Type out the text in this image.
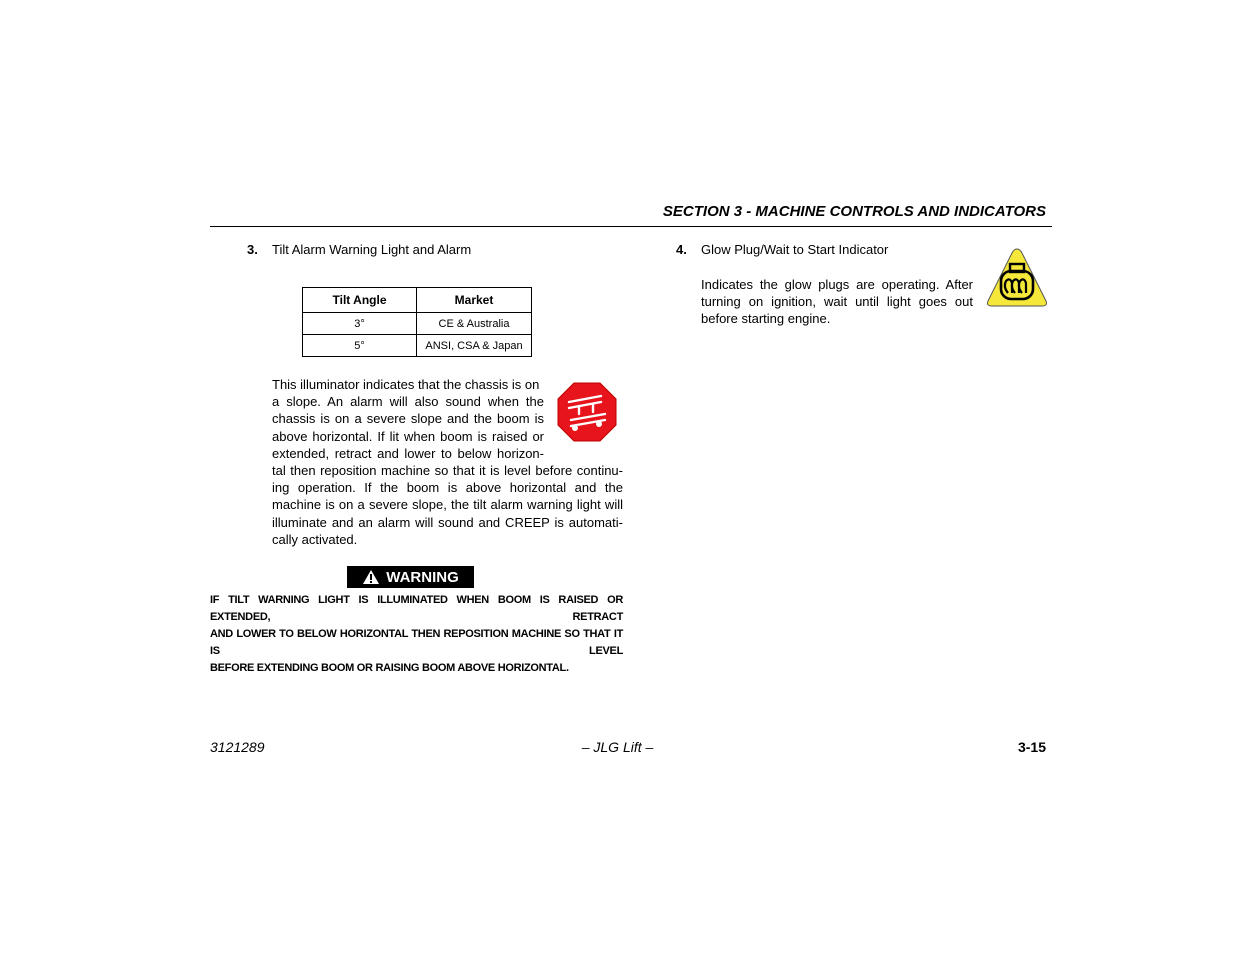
SECTION 3 - MACHINE CONTROLS AND INDICATORS
3. Tilt Alarm Warning Light and Alarm
Tilt Angle	Market
3°	CE & Australia
5°	ANSI, CSA & Japan
This illuminator indicates that the chassis is on
a slope. An alarm will also sound when the
chassis is on a severe slope and the boom is
above horizontal. If lit when boom is raised or
extended, retract and lower to below horizon-
tal then reposition machine so that it is level before continu-
ing operation. If the boom is above horizontal and the
machine is on a severe slope, the tilt alarm warning light will
illuminate and an alarm will sound and CREEP is automati-
cally activated.
WARNING
IF TILT WARNING LIGHT IS ILLUMINATED WHEN BOOM IS RAISED OR EXTENDED, RETRACT
AND LOWER TO BELOW HORIZONTAL THEN REPOSITION MACHINE SO THAT IT IS LEVEL
BEFORE EXTENDING BOOM OR RAISING BOOM ABOVE HORIZONTAL.
4. Glow Plug/Wait to Start Indicator
Indicates the glow plugs are operating. After
turning on ignition, wait until light goes out
before starting engine.
3121289	– JLG Lift –	3-15
